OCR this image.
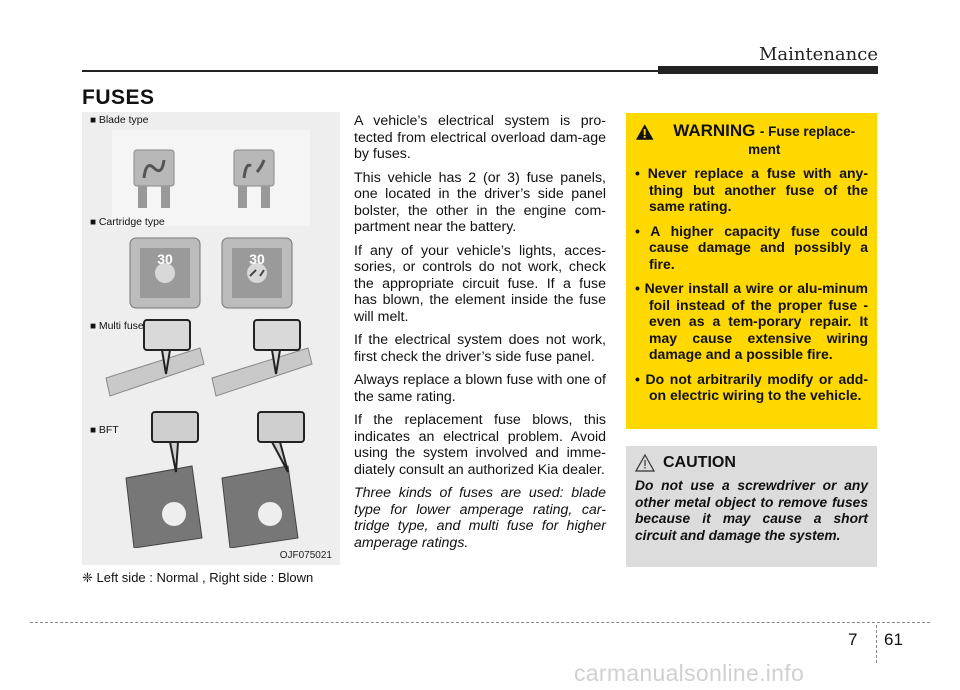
Maintenance
FUSES
■ Blade type
■ Cartridge type
30	30
■ Multi fuse
■ BFT
OJF075021
❈ Left side : Normal , Right side : Blown

A vehicle’s electrical system is pro-tected from electrical overload dam-age by fuses.

This vehicle has 2 (or 3) fuse panels, one located in the driver’s side panel bolster, the other in the engine com-partment near the battery.

If any of your vehicle’s lights, acces-sories, or controls do not work, check the appropriate circuit fuse. If a fuse has blown, the element inside the fuse will melt.

If the electrical system does not work, first check the driver’s side fuse panel.

Always replace a blown fuse with one of the same rating.

If the replacement fuse blows, this indicates an electrical problem. Avoid using the system involved and imme-diately consult an authorized Kia dealer.

Three kinds of fuses are used: blade type for lower amperage rating, car-tridge type, and multi fuse for higher amperage ratings.

WARNING - Fuse replace-ment
• Never replace a fuse with any-thing but another fuse of the same rating.
• A higher capacity fuse could cause damage and possibly a fire.
• Never install a wire or alu-minum foil instead of the proper fuse - even as a tem-porary repair. It may cause extensive wiring damage and a possible fire.
• Do not arbitrarily modify or add-on electric wiring to the vehicle.
CAUTION
Do not use a screwdriver or any other metal object to remove fuses because it may cause a short circuit and damage the system.
7 61
carmanualsonline.info
